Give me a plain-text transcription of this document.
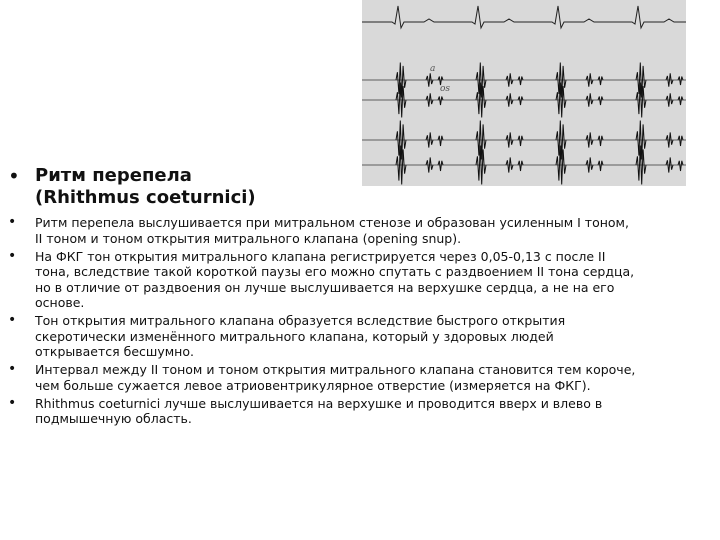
a
os
• Ритм перепела
(Rhithmus coeturnici)
• Ритм перепела выслушивается при митральном стенозе и образован усиленным I тоном, II тоном и тоном открытия митрального клапана (opening snup).
• На ФКГ тон открытия митрального клапана регистрируется через 0,05-0,13 с после II тона, вследствие такой короткой паузы его можно спутать с раздвоением II тона сердца, но в отличие от раздвоения он лучше выслушивается на верхушке сердца, а не на его основе.
• Тон открытия митрального клапана образуется вследствие быстрого открытия скеротически изменённого митрального клапана, который у здоровых людей открывается бесшумно.
• Интервал между II тоном и тоном открытия митрального клапана становится тем короче, чем больше сужается левое атриовентрикулярное отверстие (измеряется на ФКГ).
• Rhithmus coeturnici лучше выслушивается на верхушке и проводится вверх и влево в подмышечную область.
